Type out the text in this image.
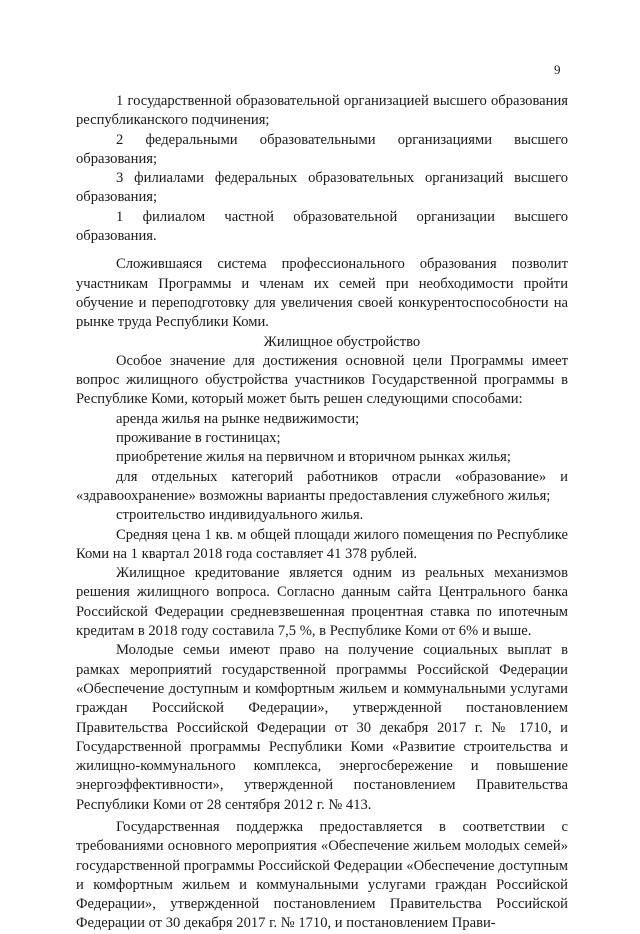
9

1 государственной образовательной организацией высшего образования республиканского подчинения;

2 федеральными образовательными организациями высшего образования;

3 филиалами федеральных образовательных организаций высшего образования;

1 филиалом частной образовательной организации высшего образования.

Сложившаяся система профессионального образования позволит участникам Программы и членам их семей при необходимости пройти обучение и переподготовку для увеличения своей конкурентоспособности на рынке труда Республики Коми.

Жилищное обустройство

Особое значение для достижения основной цели Программы имеет вопрос жилищного обустройства участников Государственной программы в Республике Коми, который может быть решен следующими способами:

аренда жилья на рынке недвижимости;

проживание в гостиницах;

приобретение жилья на первичном и вторичном рынках жилья;

для отдельных категорий работников отрасли «образование» и «здравоохранение» возможны варианты предоставления служебного жилья;

строительство индивидуального жилья.

Средняя цена 1 кв. м общей площади жилого помещения по Республике Коми на 1 квартал 2018 года составляет 41 378 рублей.

Жилищное кредитование является одним из реальных механизмов решения жилищного вопроса. Согласно данным сайта Центрального банка Российской Федерации средневзвешенная процентная ставка по ипотечным кредитам в 2018 году составила 7,5 %, в Республике Коми от 6% и выше.

Молодые семьи имеют право на получение социальных выплат в рамках мероприятий государственной программы Российской Федерации «Обеспечение доступным и комфортным жильем и коммунальными услугами граждан Российской Федерации», утвержденной постановлением Правительства Российской Федерации от 30 декабря 2017 г. № 1710, и Государственной программы Республики Коми «Развитие строительства и жилищно-коммунального комплекса, энергосбережение и повышение энергоэффективности», утвержденной постановлением Правительства Республики Коми от 28 сентября 2012 г. № 413.

Государственная поддержка предоставляется в соответствии с требованиями основного мероприятия «Обеспечение жильем молодых семей» государственной программы Российской Федерации «Обеспечение доступным и комфортным жильем и коммунальными услугами граждан Российской Федерации», утвержденной постановлением Правительства Российской Федерации от 30 декабря 2017 г. № 1710, и постановлением Прави-
